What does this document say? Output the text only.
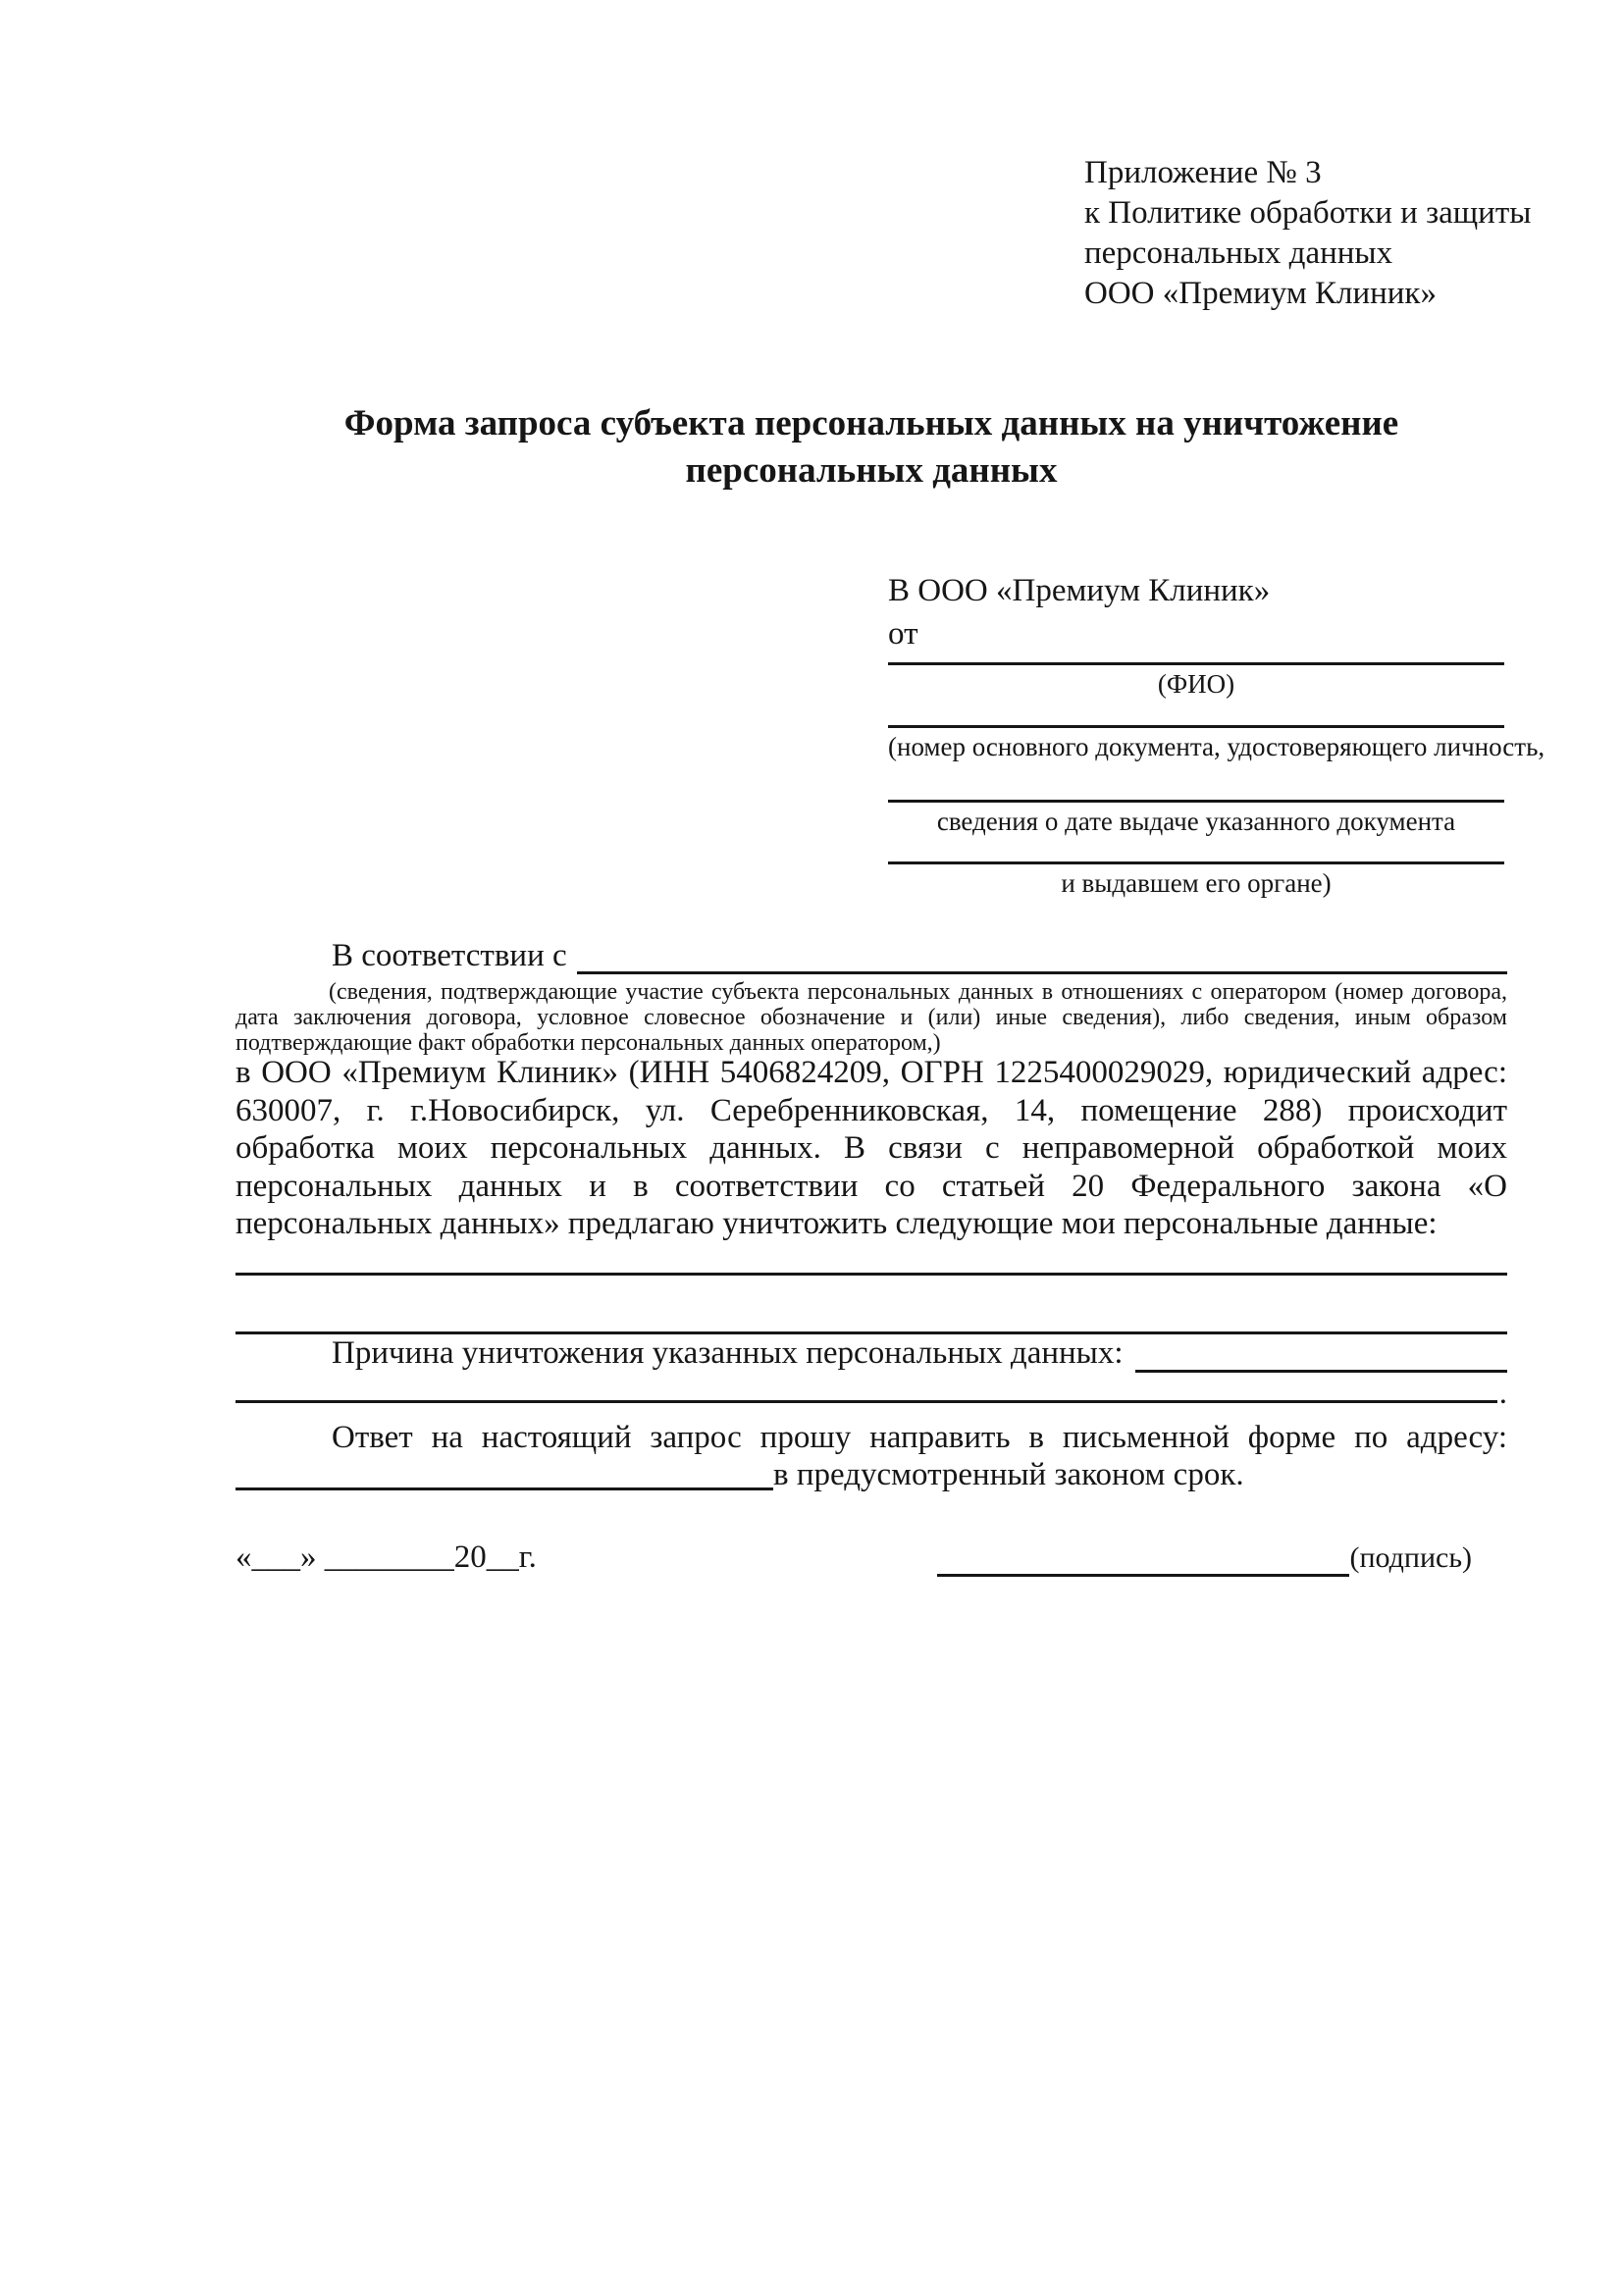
Приложение № 3
к Политике обработки и защиты
персональных данных
ООО «Премиум Клиник»
Форма запроса субъекта персональных данных на уничтожение
персональных данных
В ООО «Премиум Клиник»
от
(ФИО)
(номер основного документа, удостоверяющего личность,
сведения о дате выдаче указанного документа
и выдавшем его органе)
В соответствии с
(сведения, подтверждающие участие субъекта персональных данных в отношениях с оператором (номер договора, дата заключения договора, условное словесное обозначение и (или) иные сведения), либо сведения, иным образом подтверждающие факт обработки персональных данных оператором,)
в ООО «Премиум Клиник» (ИНН 5406824209, ОГРН 1225400029029, юридический адрес: 630007, г. г.Новосибирск, ул. Серебренниковская, 14, помещение 288) происходит обработка моих персональных данных. В связи с неправомерной обработкой моих персональных данных и в соответствии со статьей 20 Федерального закона «О персональных данных» предлагаю уничтожить следующие мои персональные данные:
Причина уничтожения указанных персональных данных:
.
Ответ на настоящий запрос прошу направить в письменной форме по адресу:
в предусмотренный законом срок.
«___» ________20__г.	(подпись)
